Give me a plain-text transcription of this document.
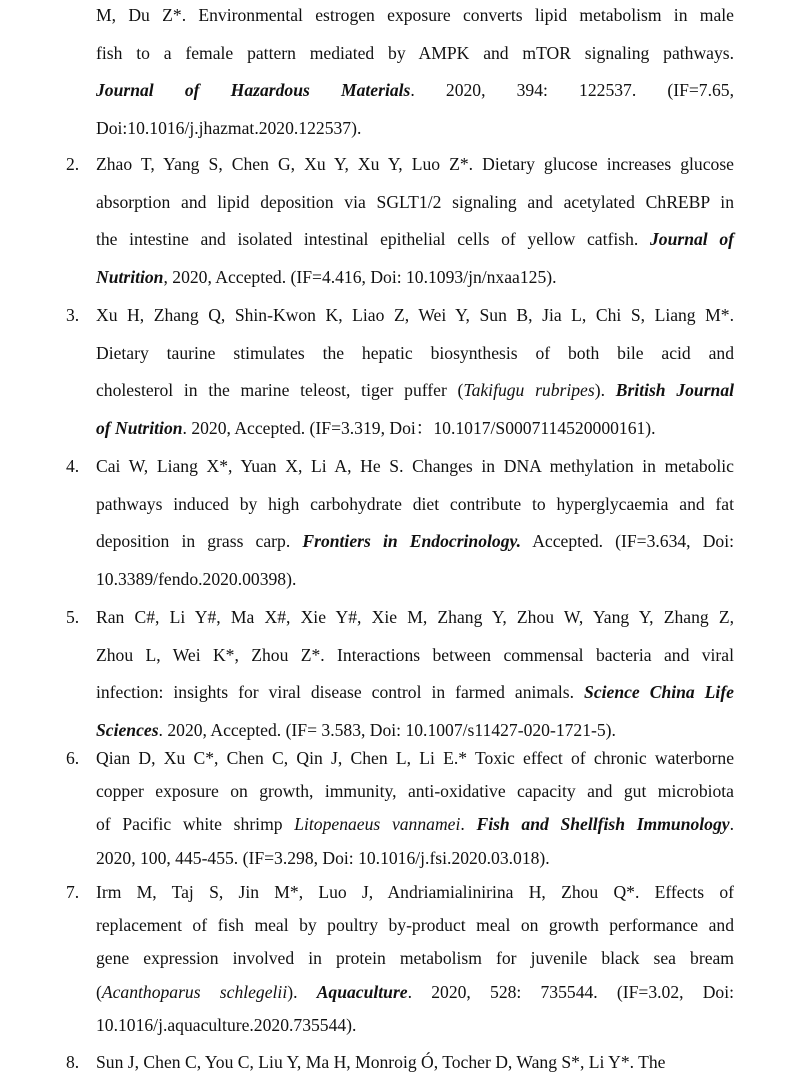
M, Du Z*. Environmental estrogen exposure converts lipid metabolism in male
fish to a female pattern mediated by AMPK and mTOR signaling pathways.
Journal of Hazardous Materials. 2020, 394: 122537. (IF=7.65,
Doi:10.1016/j.jhazmat.2020.122537).
2. Zhao T, Yang S, Chen G, Xu Y, Xu Y, Luo Z*. Dietary glucose increases glucose
absorption and lipid deposition via SGLT1/2 signaling and acetylated ChREBP in
the intestine and isolated intestinal epithelial cells of yellow catfish. Journal of
Nutrition, 2020, Accepted. (IF=4.416, Doi: 10.1093/jn/nxaa125).
3. Xu H, Zhang Q, Shin-Kwon K, Liao Z, Wei Y, Sun B, Jia L, Chi S, Liang M*.
Dietary taurine stimulates the hepatic biosynthesis of both bile acid and
cholesterol in the marine teleost, tiger puffer (Takifugu rubripes). British Journal
of Nutrition. 2020, Accepted. (IF=3.319, Doi：10.1017/S0007114520000161).
4. Cai W, Liang X*, Yuan X, Li A, He S. Changes in DNA methylation in metabolic
pathways induced by high carbohydrate diet contribute to hyperglycaemia and fat
deposition in grass carp. Frontiers in Endocrinology. Accepted. (IF=3.634, Doi:
10.3389/fendo.2020.00398).
5. Ran C#, Li Y#, Ma X#, Xie Y#, Xie M, Zhang Y, Zhou W, Yang Y, Zhang Z,
Zhou L, Wei K*, Zhou Z*. Interactions between commensal bacteria and viral
infection: insights for viral disease control in farmed animals. Science China Life
Sciences. 2020, Accepted. (IF= 3.583, Doi: 10.1007/s11427-020-1721-5).
6. Qian D, Xu C*, Chen C, Qin J, Chen L, Li E.* Toxic effect of chronic waterborne
copper exposure on growth, immunity, anti-oxidative capacity and gut microbiota
of Pacific white shrimp Litopenaeus vannamei. Fish and Shellfish Immunology.
2020, 100, 445-455. (IF=3.298, Doi: 10.1016/j.fsi.2020.03.018).
7. Irm M, Taj S, Jin M*, Luo J, Andriamialinirina H, Zhou Q*. Effects of
replacement of fish meal by poultry by-product meal on growth performance and
gene expression involved in protein metabolism for juvenile black sea bream
(Acanthoparus schlegelii). Aquaculture. 2020, 528: 735544. (IF=3.02, Doi:
10.1016/j.aquaculture.2020.735544).
8. Sun J, Chen C, You C, Liu Y, Ma H, Monroig Ó, Tocher D, Wang S*, Li Y*. The
